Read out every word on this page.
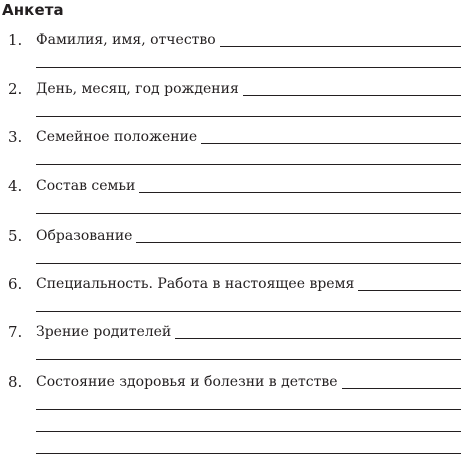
Анкета
1. Фамилия, имя, отчество
2. День, месяц, год рождения
3. Семейное положение
4. Состав семьи
5. Образование
6. Специальность. Работа в настоящее время
7. Зрение родителей
8. Состояние здоровья и болезни в детстве
